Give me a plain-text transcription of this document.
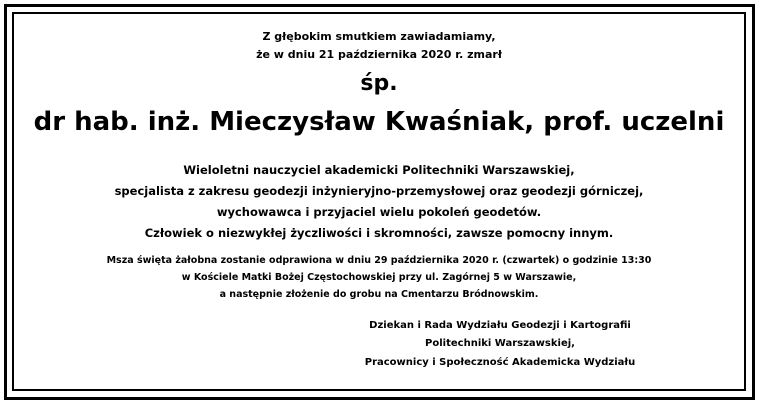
Z głębokim smutkiem zawiadamiamy,
że w dniu 21 października 2020 r. zmarł
śp.
dr hab. inż. Mieczysław Kwaśniak, prof. uczelni
Wieloletni nauczyciel akademicki Politechniki Warszawskiej,
specjalista z zakresu geodezji inżynieryjno-przemysłowej oraz geodezji górniczej,
wychowawca i przyjaciel wielu pokoleń geodetów.
Człowiek o niezwykłej życzliwości i skromności, zawsze pomocny innym.
Msza święta żałobna zostanie odprawiona w dniu 29 października 2020 r. (czwartek) o godzinie 13:30
w Kościele Matki Bożej Częstochowskiej przy ul. Zagórnej 5 w Warszawie,
a następnie złożenie do grobu na Cmentarzu Bródnowskim.
Dziekan i Rada Wydziału Geodezji i Kartografii
Politechniki Warszawskiej,
Pracownicy i Społeczność Akademicka Wydziału
